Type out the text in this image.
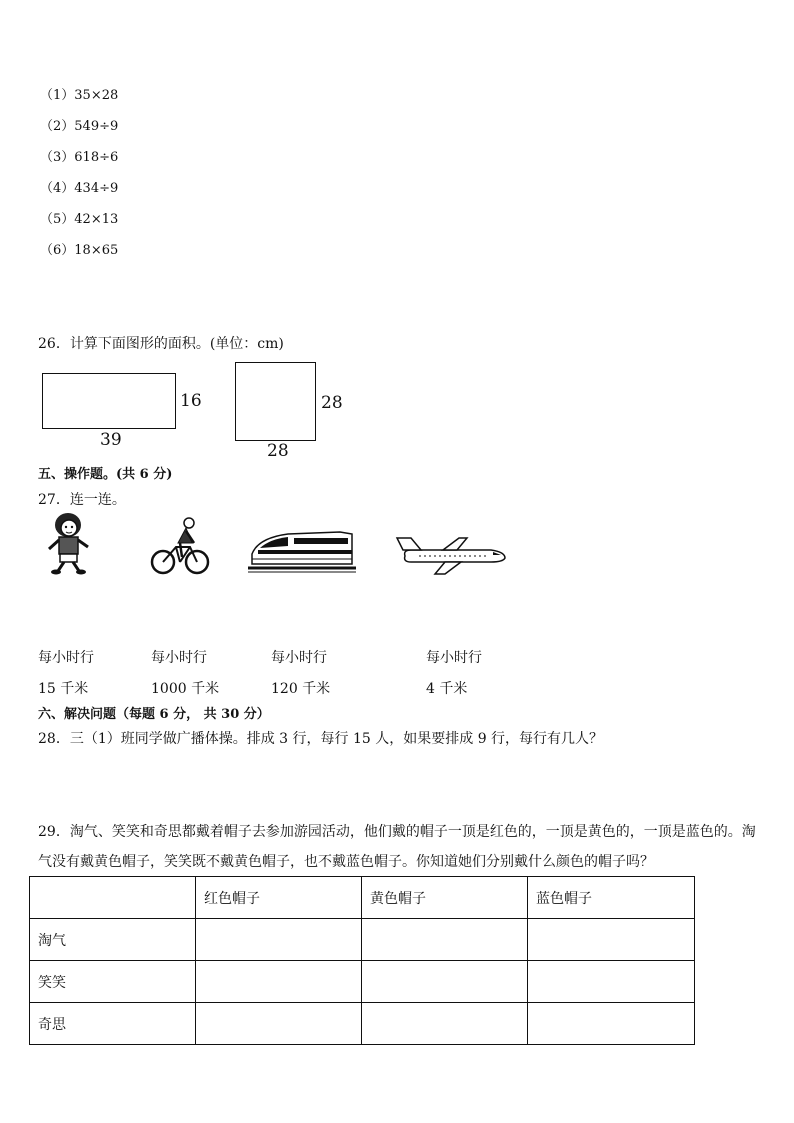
（1）35×28
（2）549÷9
（3）618÷6
（4）434÷9
（5）42×13
（6）18×65
26．计算下面图形的面积。(单位：cm)
16
39
28
28
五、操作题。(共 6 分)
27．连一连。
每小时行	每小时行	每小时行	每小时行
15 千米	1000 千米	120 千米	4 千米
六、解决问题（每题 6 分， 共 30 分）
28．三（1）班同学做广播体操。排成 3 行，每行 15 人，如果要排成 9 行，每行有几人？
29．淘气、笑笑和奇思都戴着帽子去参加游园活动，他们戴的帽子一顶是红色的，一顶是黄色的，一顶是蓝色的。淘
气没有戴黄色帽子，笑笑既不戴黄色帽子，也不戴蓝色帽子。你知道她们分别戴什么颜色的帽子吗？
	红色帽子	黄色帽子	蓝色帽子
淘气			
笑笑			
奇思			
